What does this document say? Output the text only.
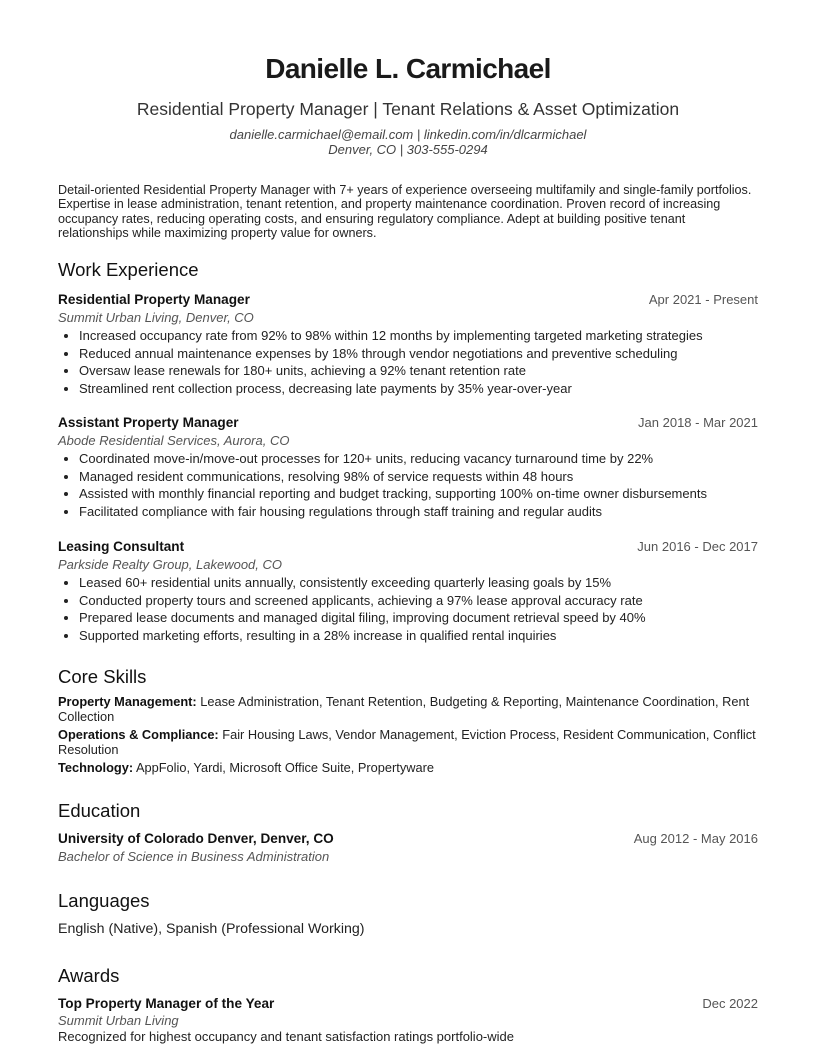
Danielle L. Carmichael
Residential Property Manager | Tenant Relations & Asset Optimization
danielle.carmichael@email.com | linkedin.com/in/dlcarmichael
Denver, CO | 303-555-0294
Detail-oriented Residential Property Manager with 7+ years of experience overseeing multifamily and single-family portfolios. Expertise in lease administration, tenant retention, and property maintenance coordination. Proven record of increasing occupancy rates, reducing operating costs, and ensuring regulatory compliance. Adept at building positive tenant relationships while maximizing property value for owners.
Work Experience
Residential Property Manager	Apr 2021 - Present
Summit Urban Living, Denver, CO
• Increased occupancy rate from 92% to 98% within 12 months by implementing targeted marketing strategies
• Reduced annual maintenance expenses by 18% through vendor negotiations and preventive scheduling
• Oversaw lease renewals for 180+ units, achieving a 92% tenant retention rate
• Streamlined rent collection process, decreasing late payments by 35% year-over-year
Assistant Property Manager	Jan 2018 - Mar 2021
Abode Residential Services, Aurora, CO
• Coordinated move-in/move-out processes for 120+ units, reducing vacancy turnaround time by 22%
• Managed resident communications, resolving 98% of service requests within 48 hours
• Assisted with monthly financial reporting and budget tracking, supporting 100% on-time owner disbursements
• Facilitated compliance with fair housing regulations through staff training and regular audits
Leasing Consultant	Jun 2016 - Dec 2017
Parkside Realty Group, Lakewood, CO
• Leased 60+ residential units annually, consistently exceeding quarterly leasing goals by 15%
• Conducted property tours and screened applicants, achieving a 97% lease approval accuracy rate
• Prepared lease documents and managed digital filing, improving document retrieval speed by 40%
• Supported marketing efforts, resulting in a 28% increase in qualified rental inquiries
Core Skills
Property Management: Lease Administration, Tenant Retention, Budgeting & Reporting, Maintenance Coordination, Rent Collection
Operations & Compliance: Fair Housing Laws, Vendor Management, Eviction Process, Resident Communication, Conflict Resolution
Technology: AppFolio, Yardi, Microsoft Office Suite, Propertyware
Education
University of Colorado Denver, Denver, CO	Aug 2012 - May 2016
Bachelor of Science in Business Administration
Languages
English (Native), Spanish (Professional Working)
Awards
Top Property Manager of the Year	Dec 2022
Summit Urban Living
Recognized for highest occupancy and tenant satisfaction ratings portfolio-wide
